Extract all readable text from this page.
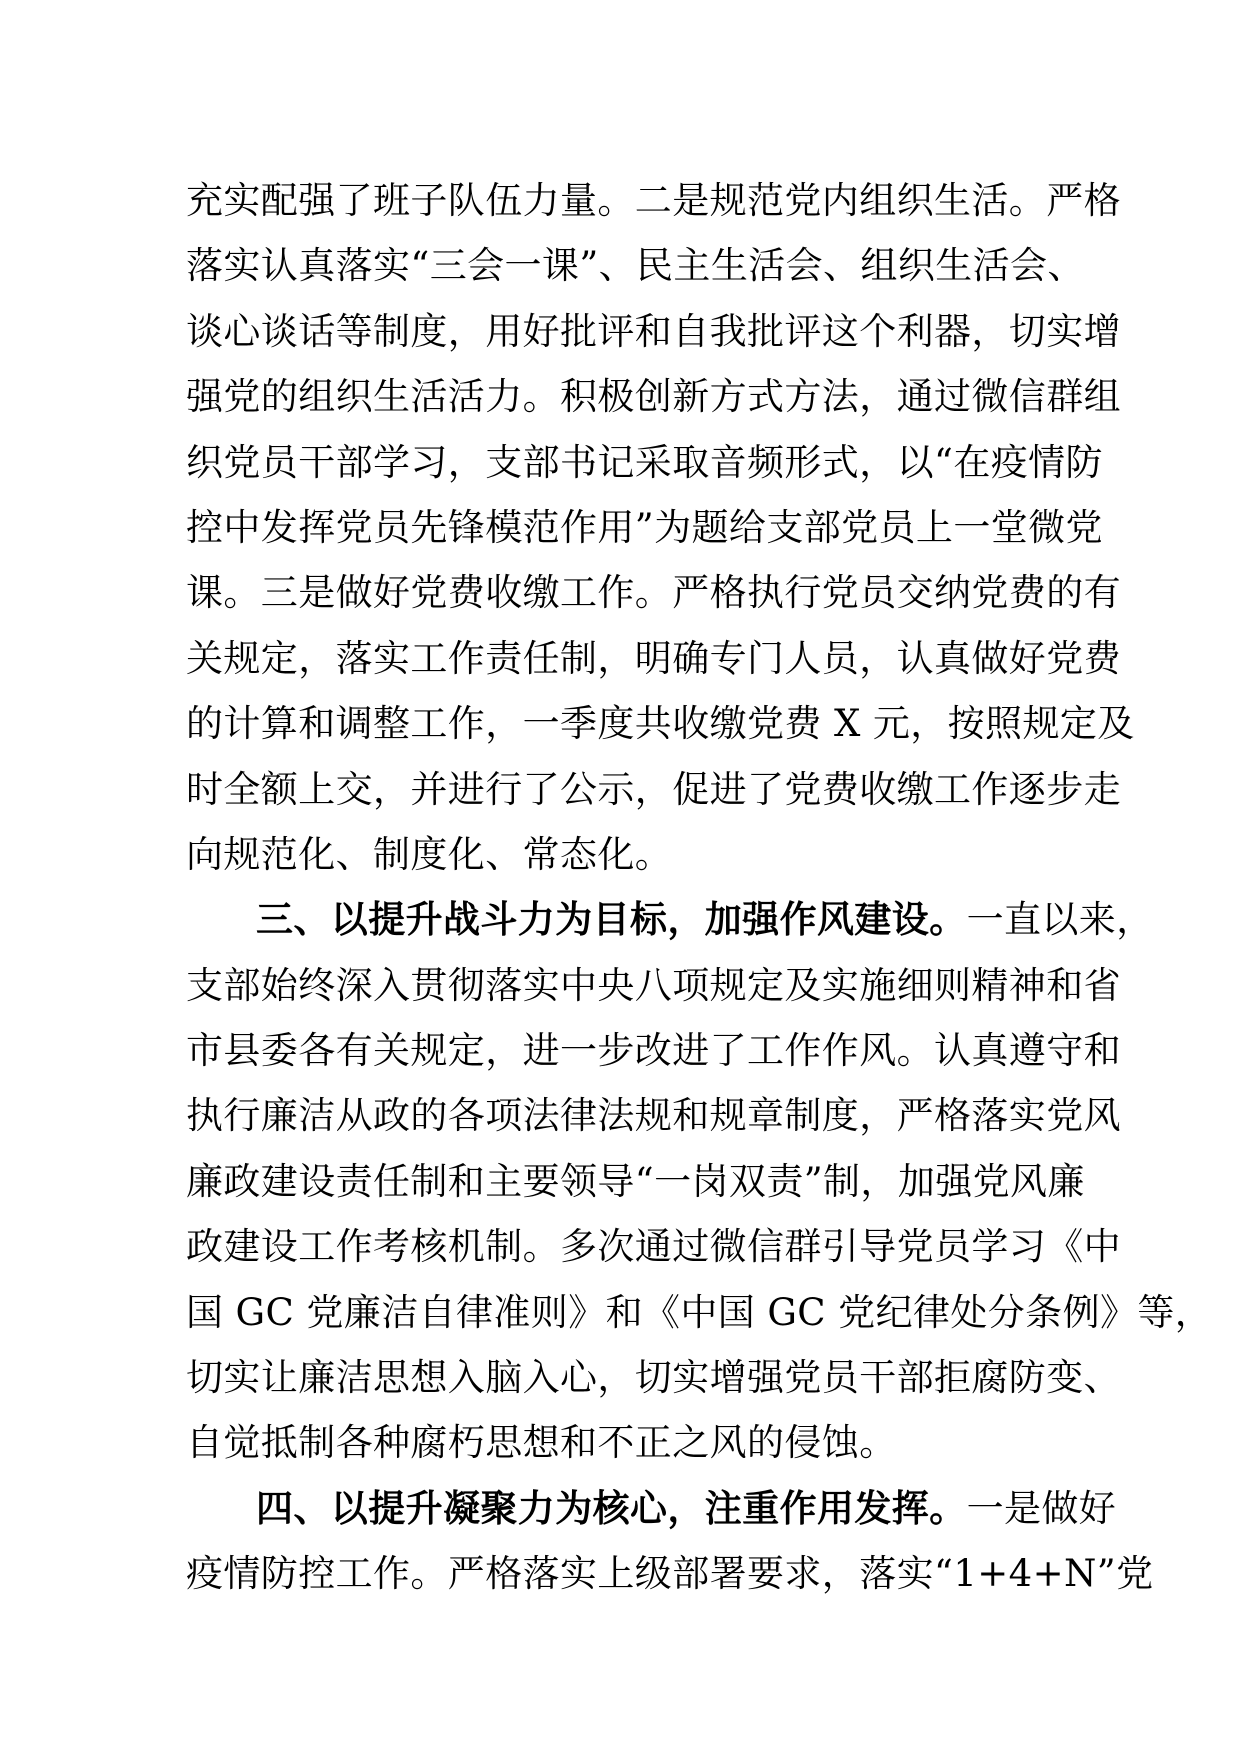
充实配强了班子队伍力量。二是规范党内组织生活。严格
落实认真落实“三会一课”、民主生活会、组织生活会、
谈心谈话等制度，用好批评和自我批评这个利器，切实增
强党的组织生活活力。积极创新方式方法，通过微信群组
织党员干部学习，支部书记采取音频形式，以“在疫情防
控中发挥党员先锋模范作用”为题给支部党员上一堂微党
课。三是做好党费收缴工作。严格执行党员交纳党费的有
关规定，落实工作责任制，明确专门人员，认真做好党费
的计算和调整工作，一季度共收缴党费 X 元，按照规定及
时全额上交，并进行了公示，促进了党费收缴工作逐步走
向规范化、制度化、常态化。
三、以提升战斗力为目标，加强作风建设。一直以来，
支部始终深入贯彻落实中央八项规定及实施细则精神和省
市县委各有关规定，进一步改进了工作作风。认真遵守和
执行廉洁从政的各项法律法规和规章制度，严格落实党风
廉政建设责任制和主要领导“一岗双责”制，加强党风廉
政建设工作考核机制。多次通过微信群引导党员学习《中
国 GC 党廉洁自律准则》和《中国 GC 党纪律处分条例》等，
切实让廉洁思想入脑入心，切实增强党员干部拒腐防变、
自觉抵制各种腐朽思想和不正之风的侵蚀。
四、以提升凝聚力为核心，注重作用发挥。一是做好
疫情防控工作。严格落实上级部署要求，落实“1+4+N”党
